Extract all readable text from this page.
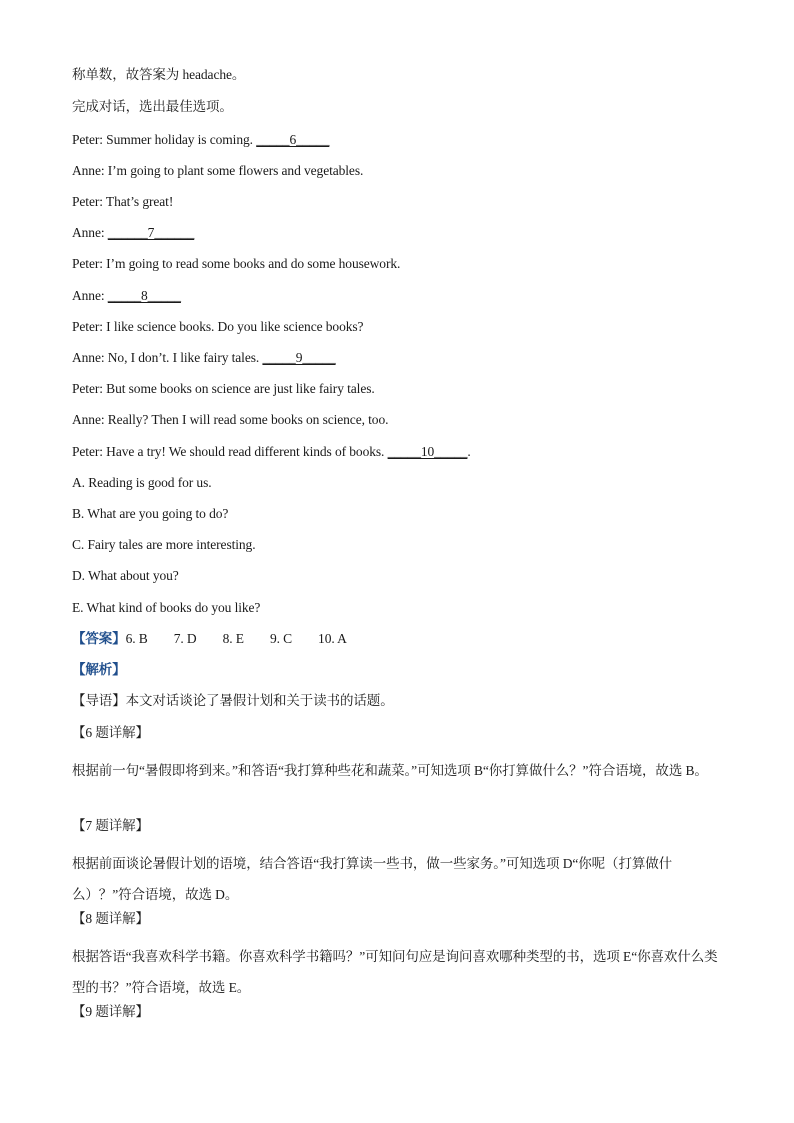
称单数，故答案为 headache。
完成对话，选出最佳选项。
Peter: Summer holiday is coming. _____6_____
Anne: I’m going to plant some flowers and vegetables.
Peter: That’s great!
Anne: ______7______
Peter: I’m going to read some books and do some housework.
Anne: _____8_____
Peter: I like science books. Do you like science books?
Anne: No, I don’t. I like fairy tales. _____9_____
Peter: But some books on science are just like fairy tales.
Anne: Really? Then I will read some books on science, too.
Peter: Have a try! We should read different kinds of books. _____10_____.
A. Reading is good for us.
B. What are you going to do?
C. Fairy tales are more interesting.
D. What about you?
E. What kind of books do you like?
【答案】6. B 7. D 8. E 9. C 10. A
【解析】
【导语】本文对话谈论了暑假计划和关于读书的话题。
【6 题详解】
根据前一句“暑假即将到来。”和答语“我打算种些花和蔬菜。”可知选项 B“你打算做什么？”符合语境，故选 B。
【7 题详解】
根据前面谈论暑假计划的语境，结合答语“我打算读一些书，做一些家务。”可知选项 D“你呢（打算做什么）？”符合语境，故选 D。
【8 题详解】
根据答语“我喜欢科学书籍。你喜欢科学书籍吗？”可知问句应是询问喜欢哪种类型的书，选项 E“你喜欢什么类型的书？”符合语境，故选 E。
【9 题详解】
